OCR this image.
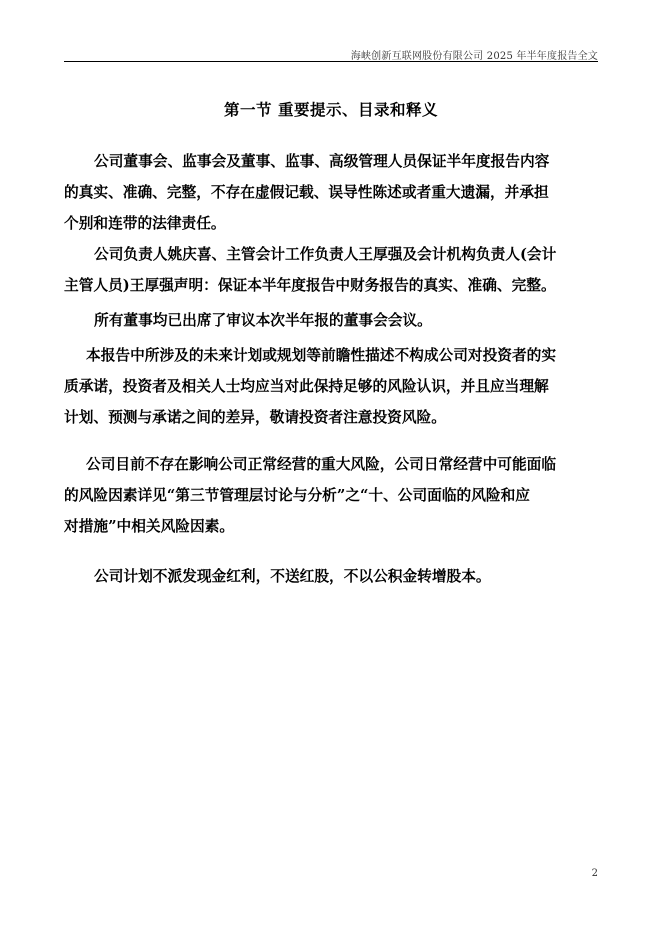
海峡创新互联网股份有限公司 2025 年半年度报告全文
第一节 重要提示、目录和释义
公司董事会、监事会及董事、监事、高级管理人员保证半年度报告内容
的真实、准确、完整，不存在虚假记载、误导性陈述或者重大遗漏，并承担
个别和连带的法律责任。
公司负责人姚庆喜、主管会计工作负责人王厚强及会计机构负责人(会计
主管人员)王厚强声明：保证本半年度报告中财务报告的真实、准确、完整。
所有董事均已出席了审议本次半年报的董事会会议。
本报告中所涉及的未来计划或规划等前瞻性描述不构成公司对投资者的实
质承诺，投资者及相关人士均应当对此保持足够的风险认识，并且应当理解
计划、预测与承诺之间的差异，敬请投资者注意投资风险。
公司目前不存在影响公司正常经营的重大风险，公司日常经营中可能面临
的风险因素详见“第三节管理层讨论与分析”之“十、公司面临的风险和应
对措施”中相关风险因素。
公司计划不派发现金红利，不送红股，不以公积金转增股本。
2
